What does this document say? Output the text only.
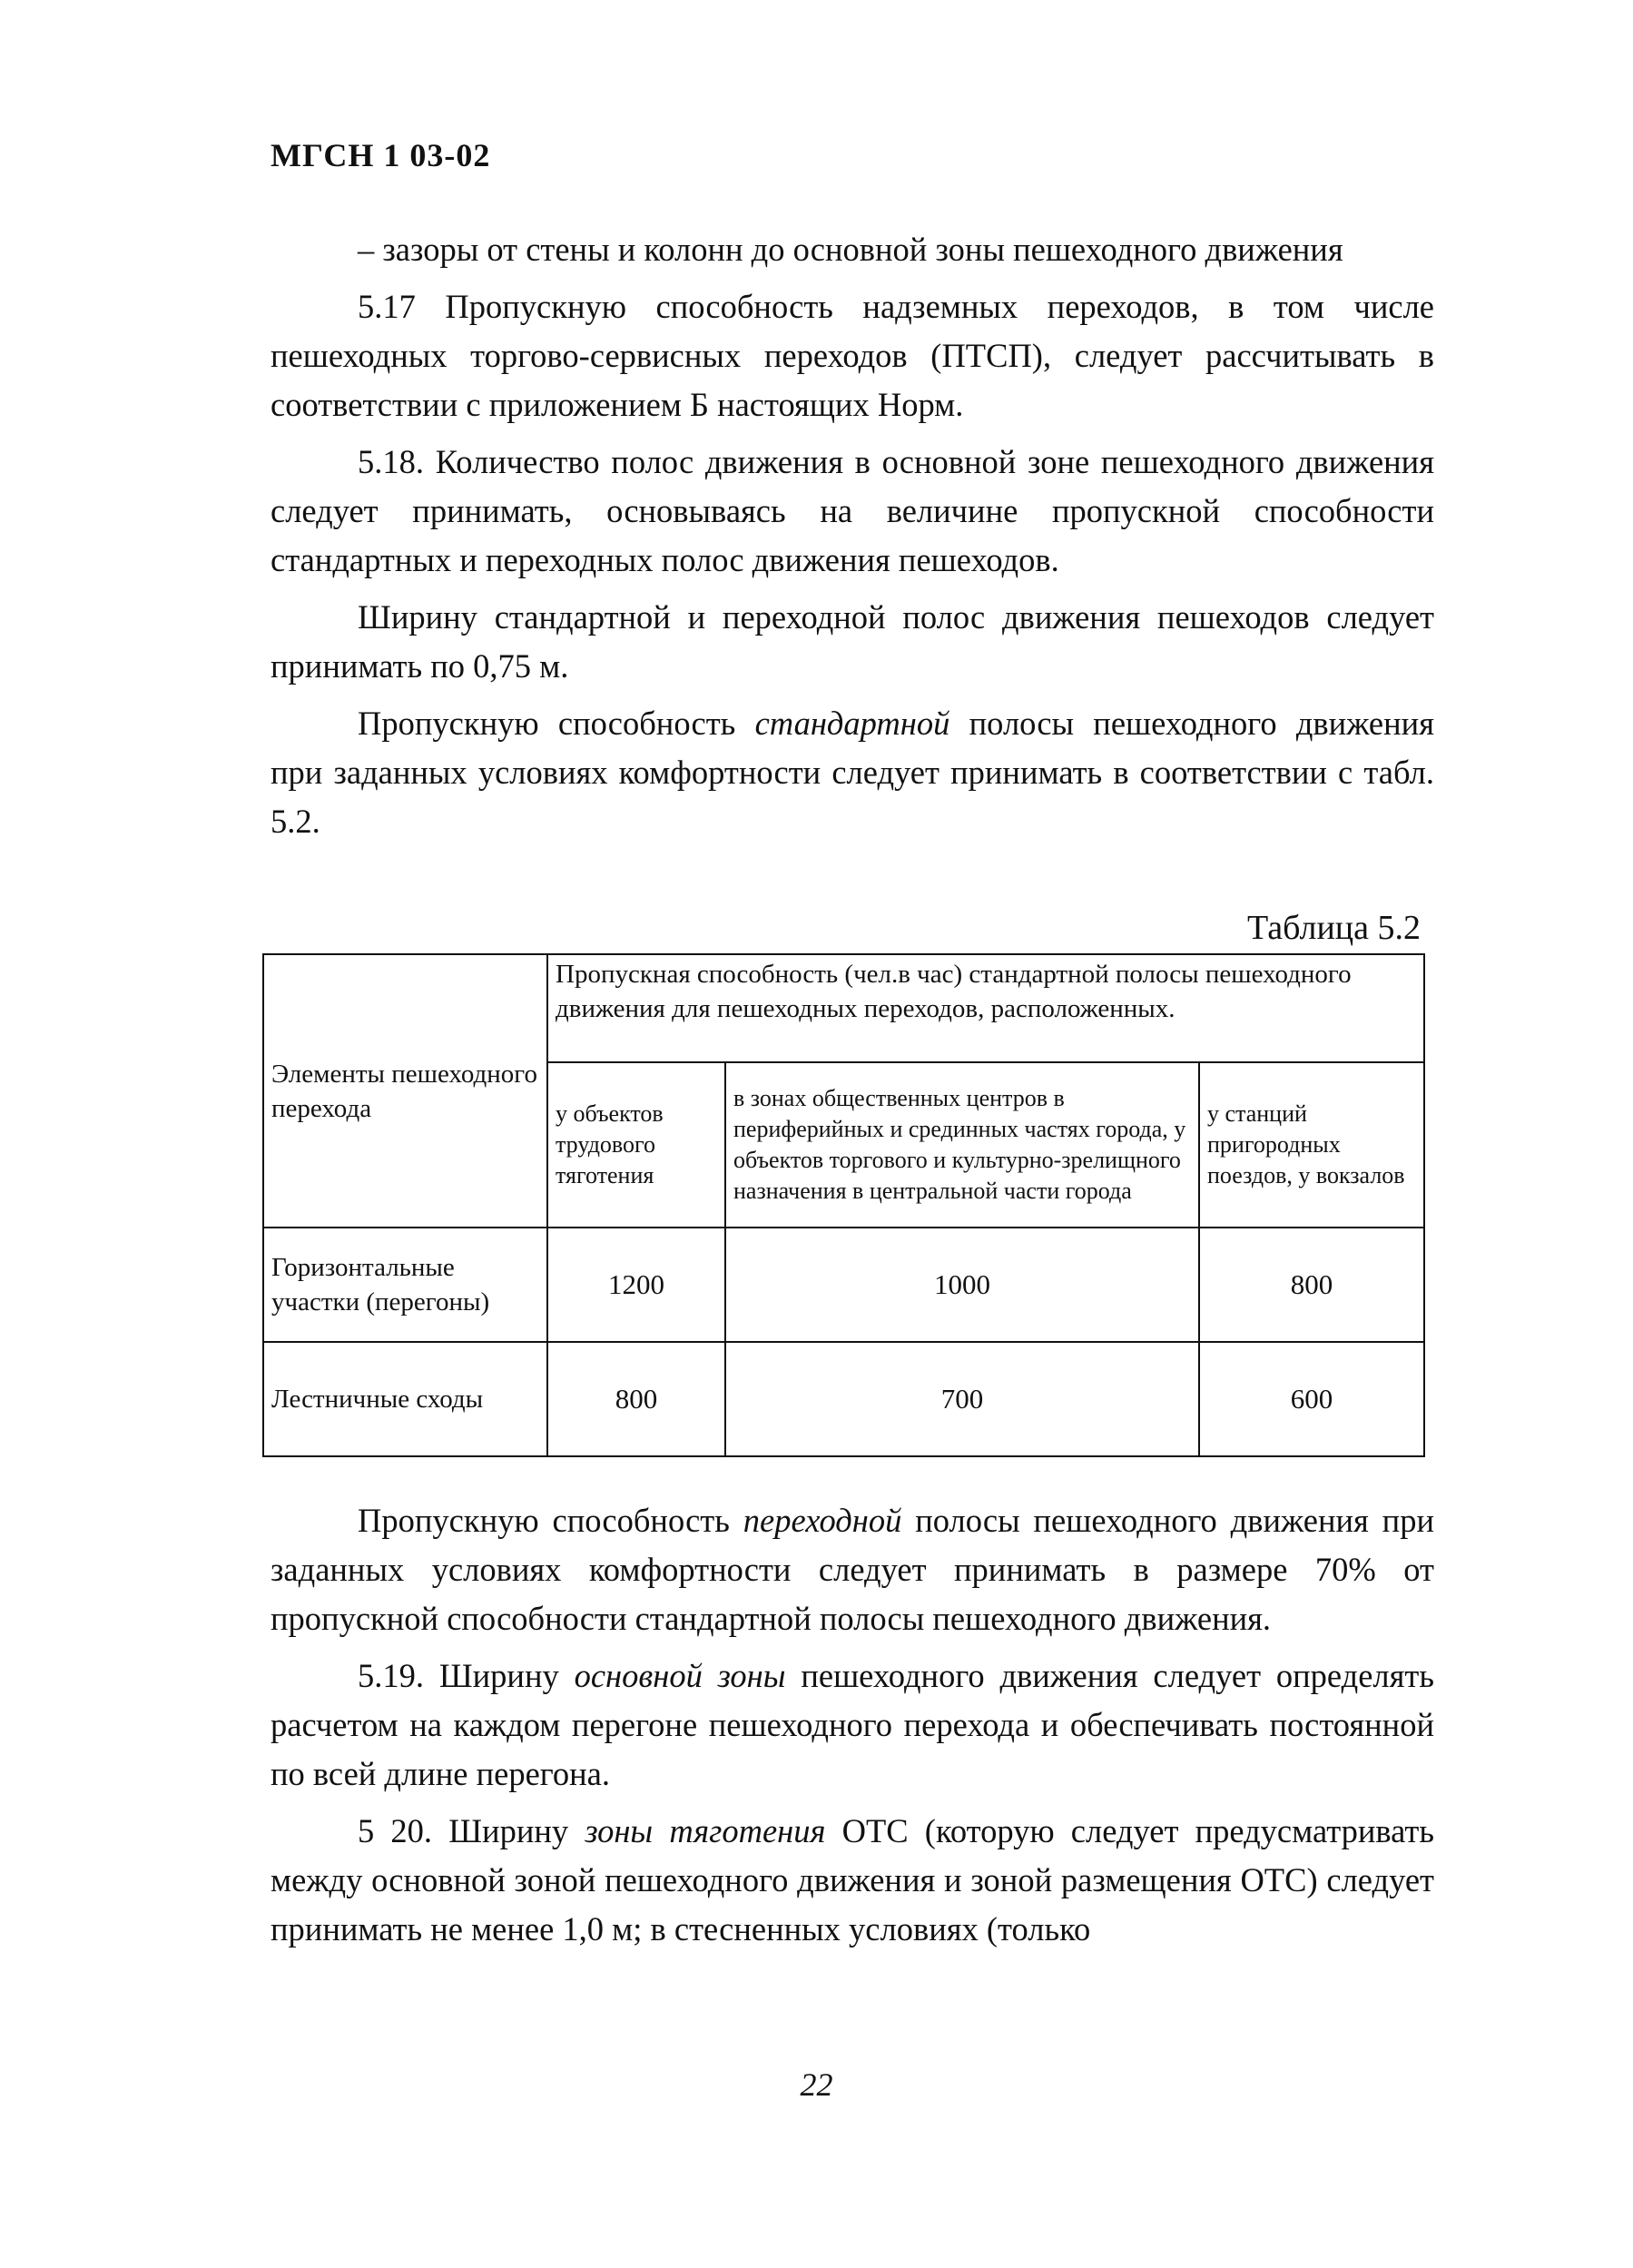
МГСН 1 03-02

– зазоры от стены и колонн до основной зоны пешеходного движения

5.17 Пропускную способность надземных переходов, в том числе пешеходных торгово-сервисных переходов (ПТСП), следует рассчитывать в соответствии с приложением Б настоящих Норм.

5.18. Количество полос движения в основной зоне пешеходного движения следует принимать, основываясь на величине пропускной способности стандартных и переходных полос движения пешеходов.

Ширину стандартной и переходной полос движения пешеходов следует принимать по 0,75 м.

Пропускную способность стандартной полосы пешеходного движения при заданных условиях комфортности следует принимать в соответствии с табл. 5.2.

Таблица 5.2
Элементы пешеходного перехода	Пропускная способность (чел.в час) стандартной полосы пешеходного движения для пешеходных переходов, расположенных.		
	у объектов трудового тяготения	в зонах общественных центров в периферийных и срединных частях города, у объектов торгового и культурно-зрелищного назначения в центральной части города	у станций пригородных поездов, у вокзалов
Горизонтальные участки (перегоны)	1200	1000	800
Лестничные сходы	800	700	600

Пропускную способность переходной полосы пешеходного движения при заданных условиях комфортности следует принимать в размере 70% от пропускной способности стандартной полосы пешеходного движения.

5.19. Ширину основной зоны пешеходного движения следует определять расчетом на каждом перегоне пешеходного перехода и обеспечивать постоянной по всей длине перегона.

5 20. Ширину зоны тяготения ОТС (которую следует предусматривать между основной зоной пешеходного движения и зоной размещения ОТС) следует принимать не менее 1,0 м; в стесненных условиях (только

22
